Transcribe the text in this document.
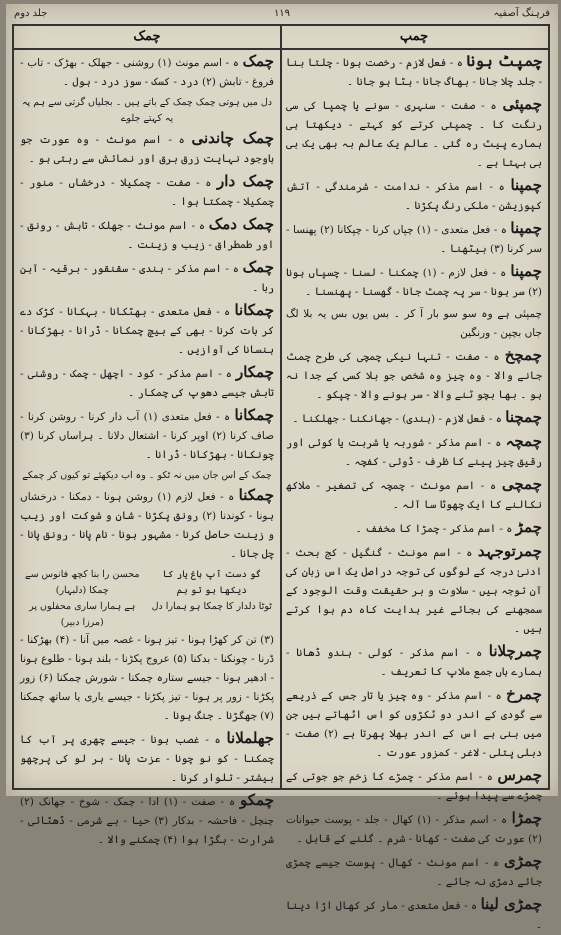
فرہنگ آصفیہ
۱۱۹
جلد دوم
چمپ
چمک
چمپٹ ہونا ہ - فعل لازم - رخصت ہونا - چلتا بنا - جلد چلا جانا - بھاگ جانا - ہٹا ہو جانا ۔
چمپئی ہ - صفت - سنہری - سونے یا چمپا کی سی رنگت کا ۔ چمپئی کرتے کو کہتے - دیکھتا ہی ہمارے پیٹ رہ گئی ۔ عالم یک عالم بہ بھی یک بی بی بہتا ہے ۔
چمپنا ہ - اسم مذکر - ندامت - شرمندگی - آتش کپوزیشن - ملکی رنگ پکڑنا ۔
چمپنا ہ - فعل متعدی - (۱) چپاں کرنا - چپکانا (۲) پھنسا - سر کرنا (۳) بیٹھنا ۔
چمپنا ہ - فعل لازم - (۱) چمکنا - لسنا - چسپاں ہونا (۲) سر ہونا - سر پہ چمٹ جانا - گھسنا - پھنسنا ۔
چمپئی ہے وہ سو سو بار آ کر ۔ بس یوں بس یہ بلا لگ جاں بچپن - ورنگین
چمچخ ہ - صفت - تنہا نیکی چمچی کی طرح چمٹ جانے والا - وہ چیز وہ شخص جو بلا کسی کے جدا نہ ہو ۔ بھا بچو ٹنے والا - سر ہونے والا - چپکو ۔
چمچنا ہ - فعل لازم - (ہندی) - جھانکنا - جھلکنا ۔
چمچہ ہ - اسم مذکر - شوربہ یا شربت یا کوئی اور رقیق چیز پینے کا ظرف - ڈوئی - کفچہ ۔
چمچی ہ - اسم مونث - چمچہ کی تصغیر - ملاکھ نکالنے کا ایک چھوٹا سا آلہ ۔
چمڑ ہ - اسم مذکر - چمڑا کا مخفف ۔
چمرتوجہد ہ - اسم مونث - گنگیل - کج بحث - ادنیٰ درجہ کے لوگوں کی توجہ دراصل یک اس زبان کی آن توجہ ہیں - سلاوت و بر حقیقت وقت الوجود کے سمجھنے کی بجائے غیر ہدایت کاہ دم ہوا کرتے ہیں ۔
چمرچلانا ہ - اسم مذکر - کولی - ہندو ڈھانا - ہمارے ہاں جمع ملاپ کا تعریف ۔
چمرخ ہ - اسم مذکر - وہ چیز یا تار جس کے ذریعے سے گودی کے اندر دو ٹکڑوں کو اس اٹھاتے ہیں جن میں بنی ہے اس کے اندر بھلا پھرتا ہے (۲) صفت - دبلی پتلی - لاغر - کمزور عورت ۔
چمرس ہ - اسم مذکر - چمڑے کا زخم جو جوتی کے چمڑے سے پیدا ہوئے ۔
چمڑا ہ - اسم مذکر - (۱) کھال - جلد - پوست حیوانات (۲) عورت کی صفت - کھانا - شرم ۔ گلنے کے قابل ۔
چمڑی ہ - اسم مونث - کھال - پوست جیسے چمڑی جائے دمڑی نہ جائے ۔
چمڑی لینا ہ - فعل متعدی - مار کر کھال اڑا دینا ۔
چمک ہ - اسم مونث (۱) روشنی - جھلک - بھڑک - تاب - فروغ - تابش (۲) درد - کسک - سوز درد - ہول ۔
دل میں ہوتی چمک چمک کے باتے ہیں ۔ بجلیاں گرتی سے ہم پہ یہ کہتے جلوے
چمک چاندنی ہ - اسم مونث - وہ عورت جو باوجود نہایت زرق برق اور نمائش سے رہتی ہو ۔
چمک دار ہ - صفت - چمکیلا - درخشاں - منور - چمکیلا - چمکتا ہوا ۔
چمک دمک ہ - اسم مونث - جھلک - تابش - رونق - اور طمطراق - زیب و زینت ۔
چمک ہ - اسم مذکر - ہندی - سقنقور - برقیہ - آہن ربا ۔
چمکانا ہ - فعل متعدی - بھٹکانا - بہکانا - کڑک دے کر بات کرنا - بھی کے بیچ چمکانا - ڈرانا - بھڑکانا - ہنسانا کی آوازیں ۔
چمکار ہ - اسم مذکر - کود - اچھل - چمک - روشنی - تابش جیسے دھوپ کی چمکار ۔
چمکانا ہ - فعل متعدی (۱) آب دار کرنا - روشن کرنا - صاف کرنا (۲) اوپر کرنا - اشتعال دلانا ۔ ہراساں کرنا (۳) چونکانا - بھڑکانا - ڈرانا ۔
چمک کے اس جان میں نہ ٹکو ۔ وہ اب دیکھئے تو کیوں کر چمکے
چمکنا ہ - فعل لازم (۱) روشن ہونا - دمکنا - درخشاں ہونا - کوندنا (۲) رونق پکڑنا - شان و شوکت اور زیب و زینت حاصل کرنا - مشہور ہونا - نام پانا - رونق پانا - چل جانا ۔
گو دست آپ باغ یار کا دیکھا ہو تو ہم
محسن را بنا کچھ فانوس سے چمکا (دلبہار)
ٹوٹا دلدار کا چمکا ہو ہمارا دل
ہے ہمارا ساری محفلوں پر (مرزا دبیر)
(۳) تن کر کھڑا ہونا - تیز ہونا - غصہ میں آنا - (۴) بھڑکنا - ڈرنا - چونکنا - بدکنا (۵) عروج پکڑنا - بلند ہونا - طلوع ہونا - ادھیر ہونا - جیسے ستارہ چمکنا - شورش چمکنا (۶) زور پکڑنا - زور پر ہونا - تیز پکڑنا - جیسے یاری یا ساتھ چمکنا (۷) جھگڑنا ۔ جنگ ہونا ۔
جھلملانا ہ - غصب ہونا - جیسے چھری پر آب کا چمکنا - کو نو چونا - عزت پانا - ہر لو کی پرچھو بیشتر - تلوار کرنا ۔
چمکو ہ - صفت - (۱) ادا - چمک - شوخ - جھانک (۲) چنچل - فاحشہ - بدکار (۳) حیا - بے شرمی - ڈھٹائی - شرارت - بگڑا ہوا (۴) چمکنے والا ۔
